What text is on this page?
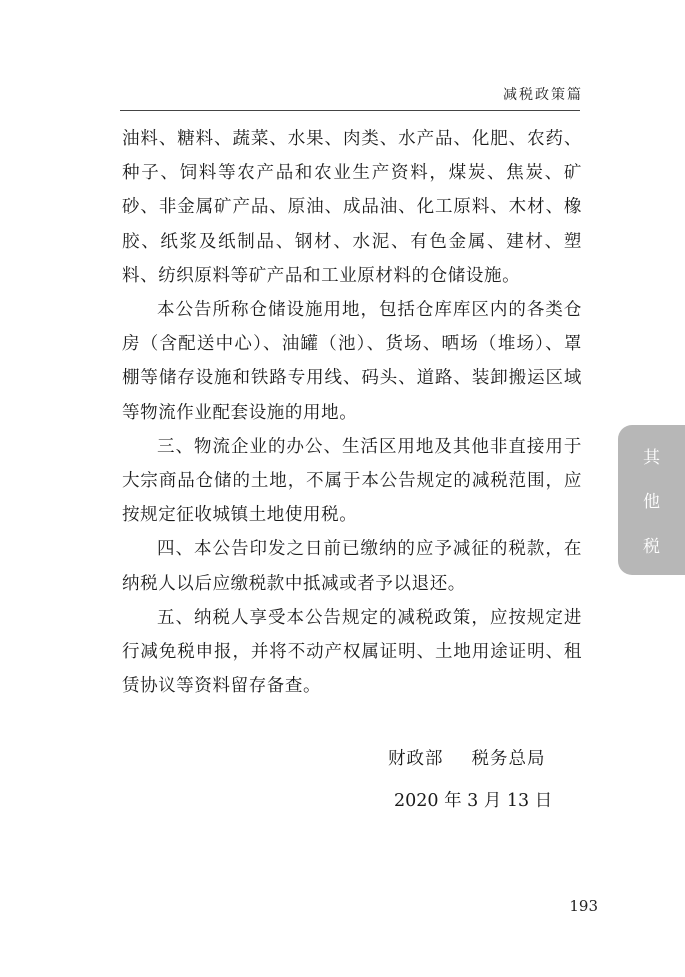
减税政策篇

油料、糖料、蔬菜、水果、肉类、水产品、化肥、农药、种子、饲料等农产品和农业生产资料，煤炭、焦炭、矿砂、非金属矿产品、原油、成品油、化工原料、木材、橡胶、纸浆及纸制品、钢材、水泥、有色金属、建材、塑料、纺织原料等矿产品和工业原材料的仓储设施。

本公告所称仓储设施用地，包括仓库库区内的各类仓房（含配送中心）、油罐（池）、货场、晒场（堆场）、罩棚等储存设施和铁路专用线、码头、道路、装卸搬运区域等物流作业配套设施的用地。

三、物流企业的办公、生活区用地及其他非直接用于大宗商品仓储的土地，不属于本公告规定的减税范围，应按规定征收城镇土地使用税。

四、本公告印发之日前已缴纳的应予减征的税款，在纳税人以后应缴税款中抵减或者予以退还。

五、纳税人享受本公告规定的减税政策，应按规定进行减免税申报，并将不动产权属证明、土地用途证明、租赁协议等资料留存备查。

财政部 税务总局
2020 年 3 月 13 日
其
他
税
193
